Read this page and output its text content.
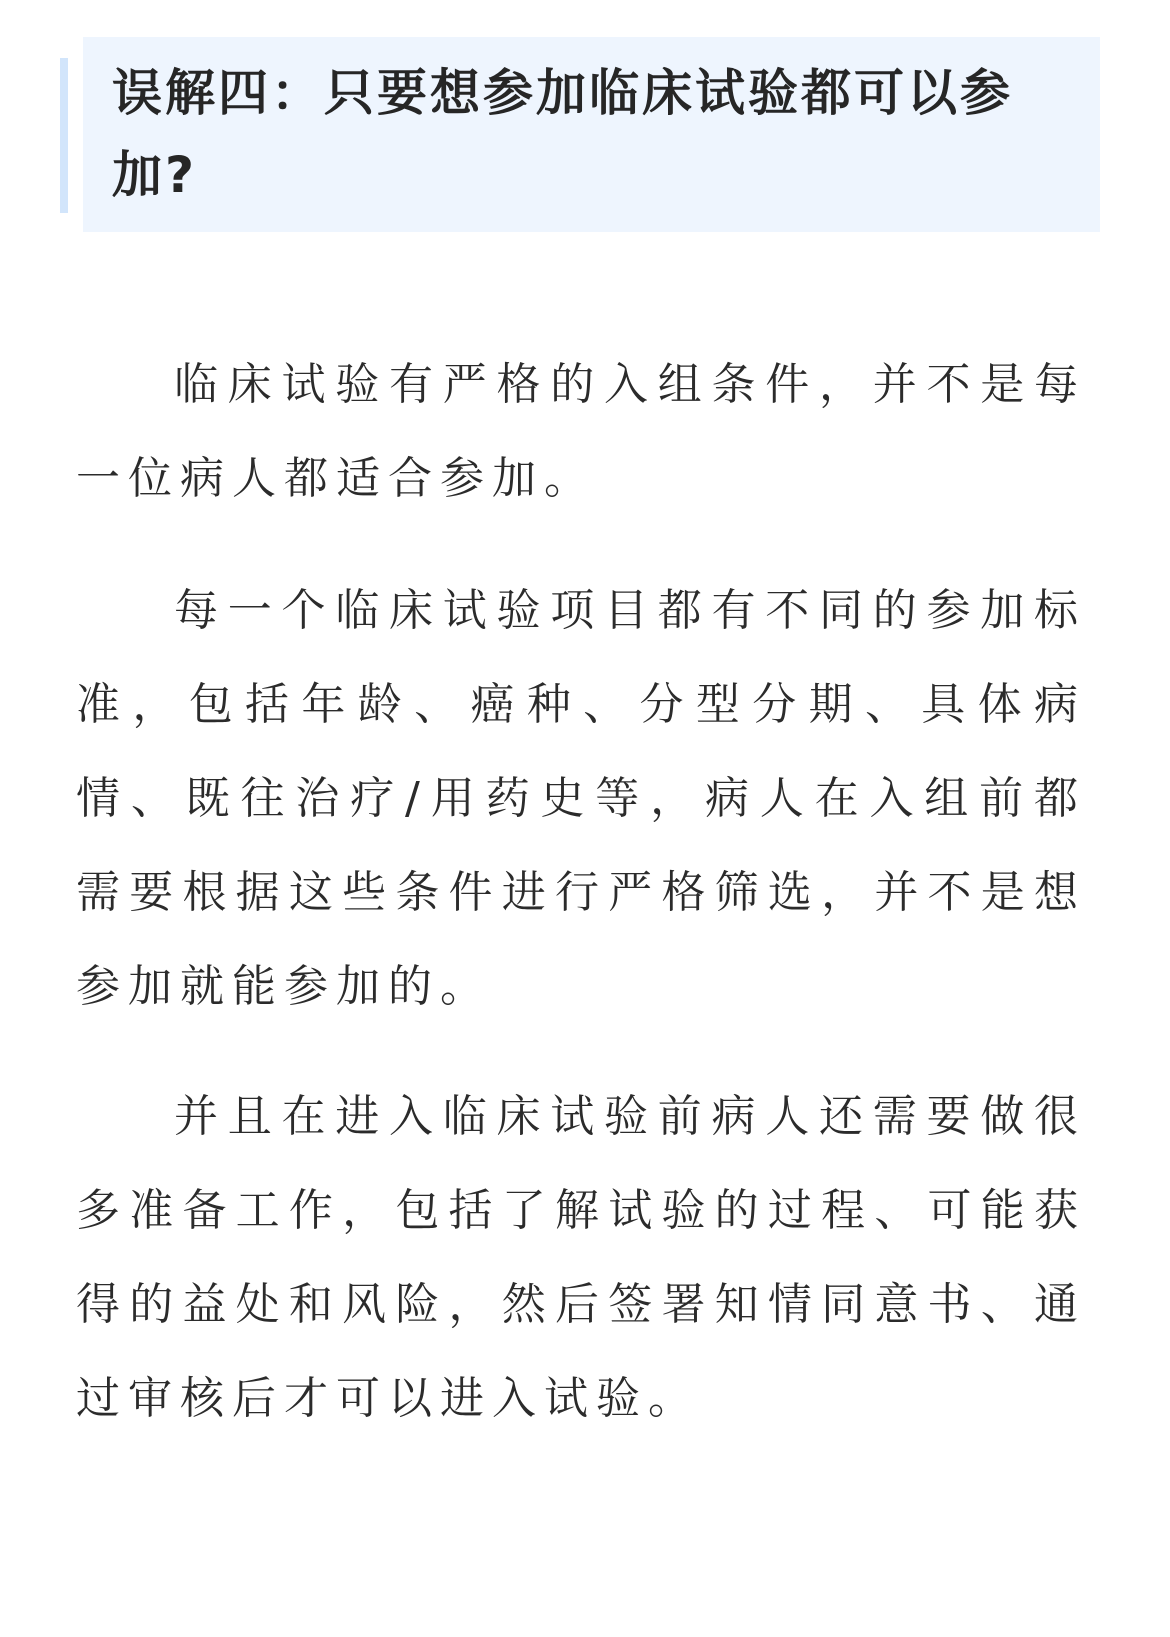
误解四：只要想参加临床试验都可以参加?

临床试验有严格的入组条件，并不是每一位病人都适合参加。

每一个临床试验项目都有不同的参加标准，包括年龄、癌种、分型分期、具体病情、既往治疗/用药史等，病人在入组前都需要根据这些条件进行严格筛选，并不是想参加就能参加的。

并且在进入临床试验前病人还需要做很多准备工作，包括了解试验的过程、可能获得的益处和风险，然后签署知情同意书、通过审核后才可以进入试验。
